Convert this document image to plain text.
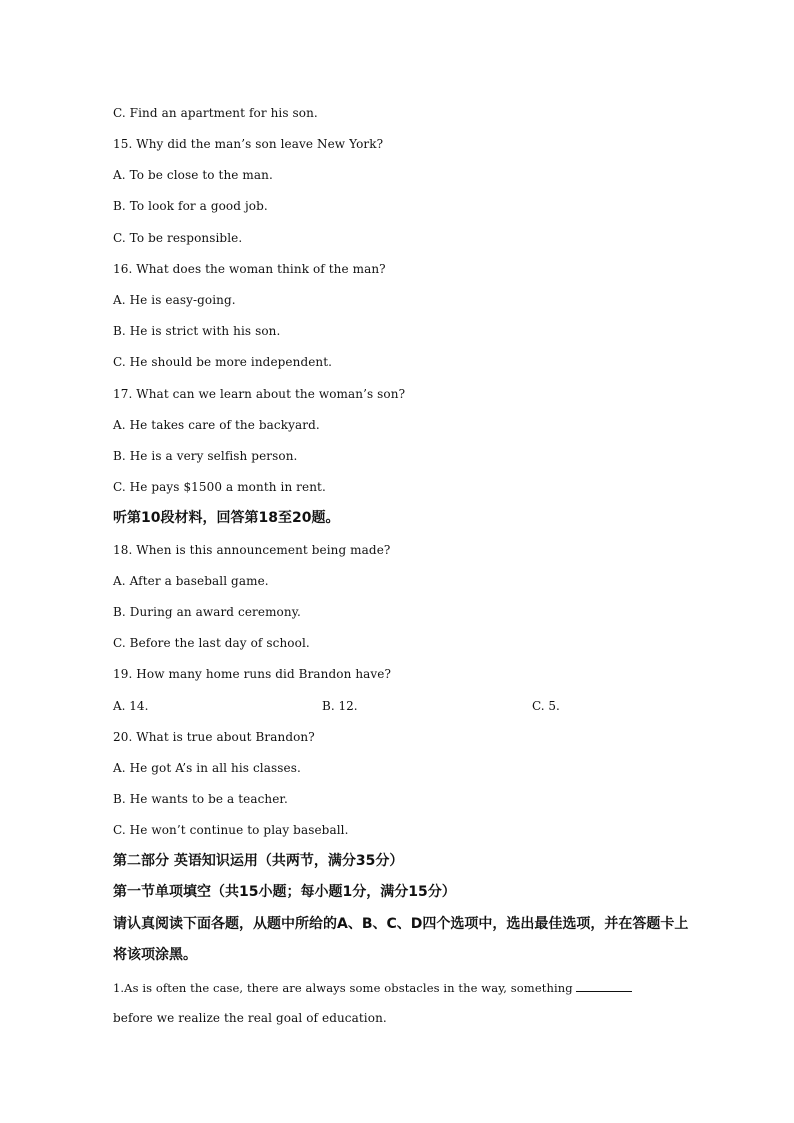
C. Find an apartment for his son.
15. Why did the man’s son leave New York?
A. To be close to the man.
B. To look for a good job.
C. To be responsible.
16. What does the woman think of the man?
A. He is easy-going.
B. He is strict with his son.
C. He should be more independent.
17. What can we learn about the woman’s son?
A. He takes care of the backyard.
B. He is a very selfish person.
C. He pays $1500 a month in rent.
听第10段材料，回答第18至20题。
18. When is this announcement being made?
A. After a baseball game.
B. During an award ceremony.
C. Before the last day of school.
19. How many home runs did Brandon have?
A. 14.	B. 12.	C. 5.
20. What is true about Brandon?
A. He got A’s in all his classes.
B. He wants to be a teacher.
C. He won’t continue to play baseball.
第二部分 英语知识运用（共两节，满分35分）
第一节单项填空（共15小题；每小题1分，满分15分）
请认真阅读下面各题，从题中所给的A、B、C、D四个选项中，选出最佳选项，并在答题卡上
将该项涂黑。
1.As is often the case, there are always some obstacles in the way, something
before we realize the real goal of education.
